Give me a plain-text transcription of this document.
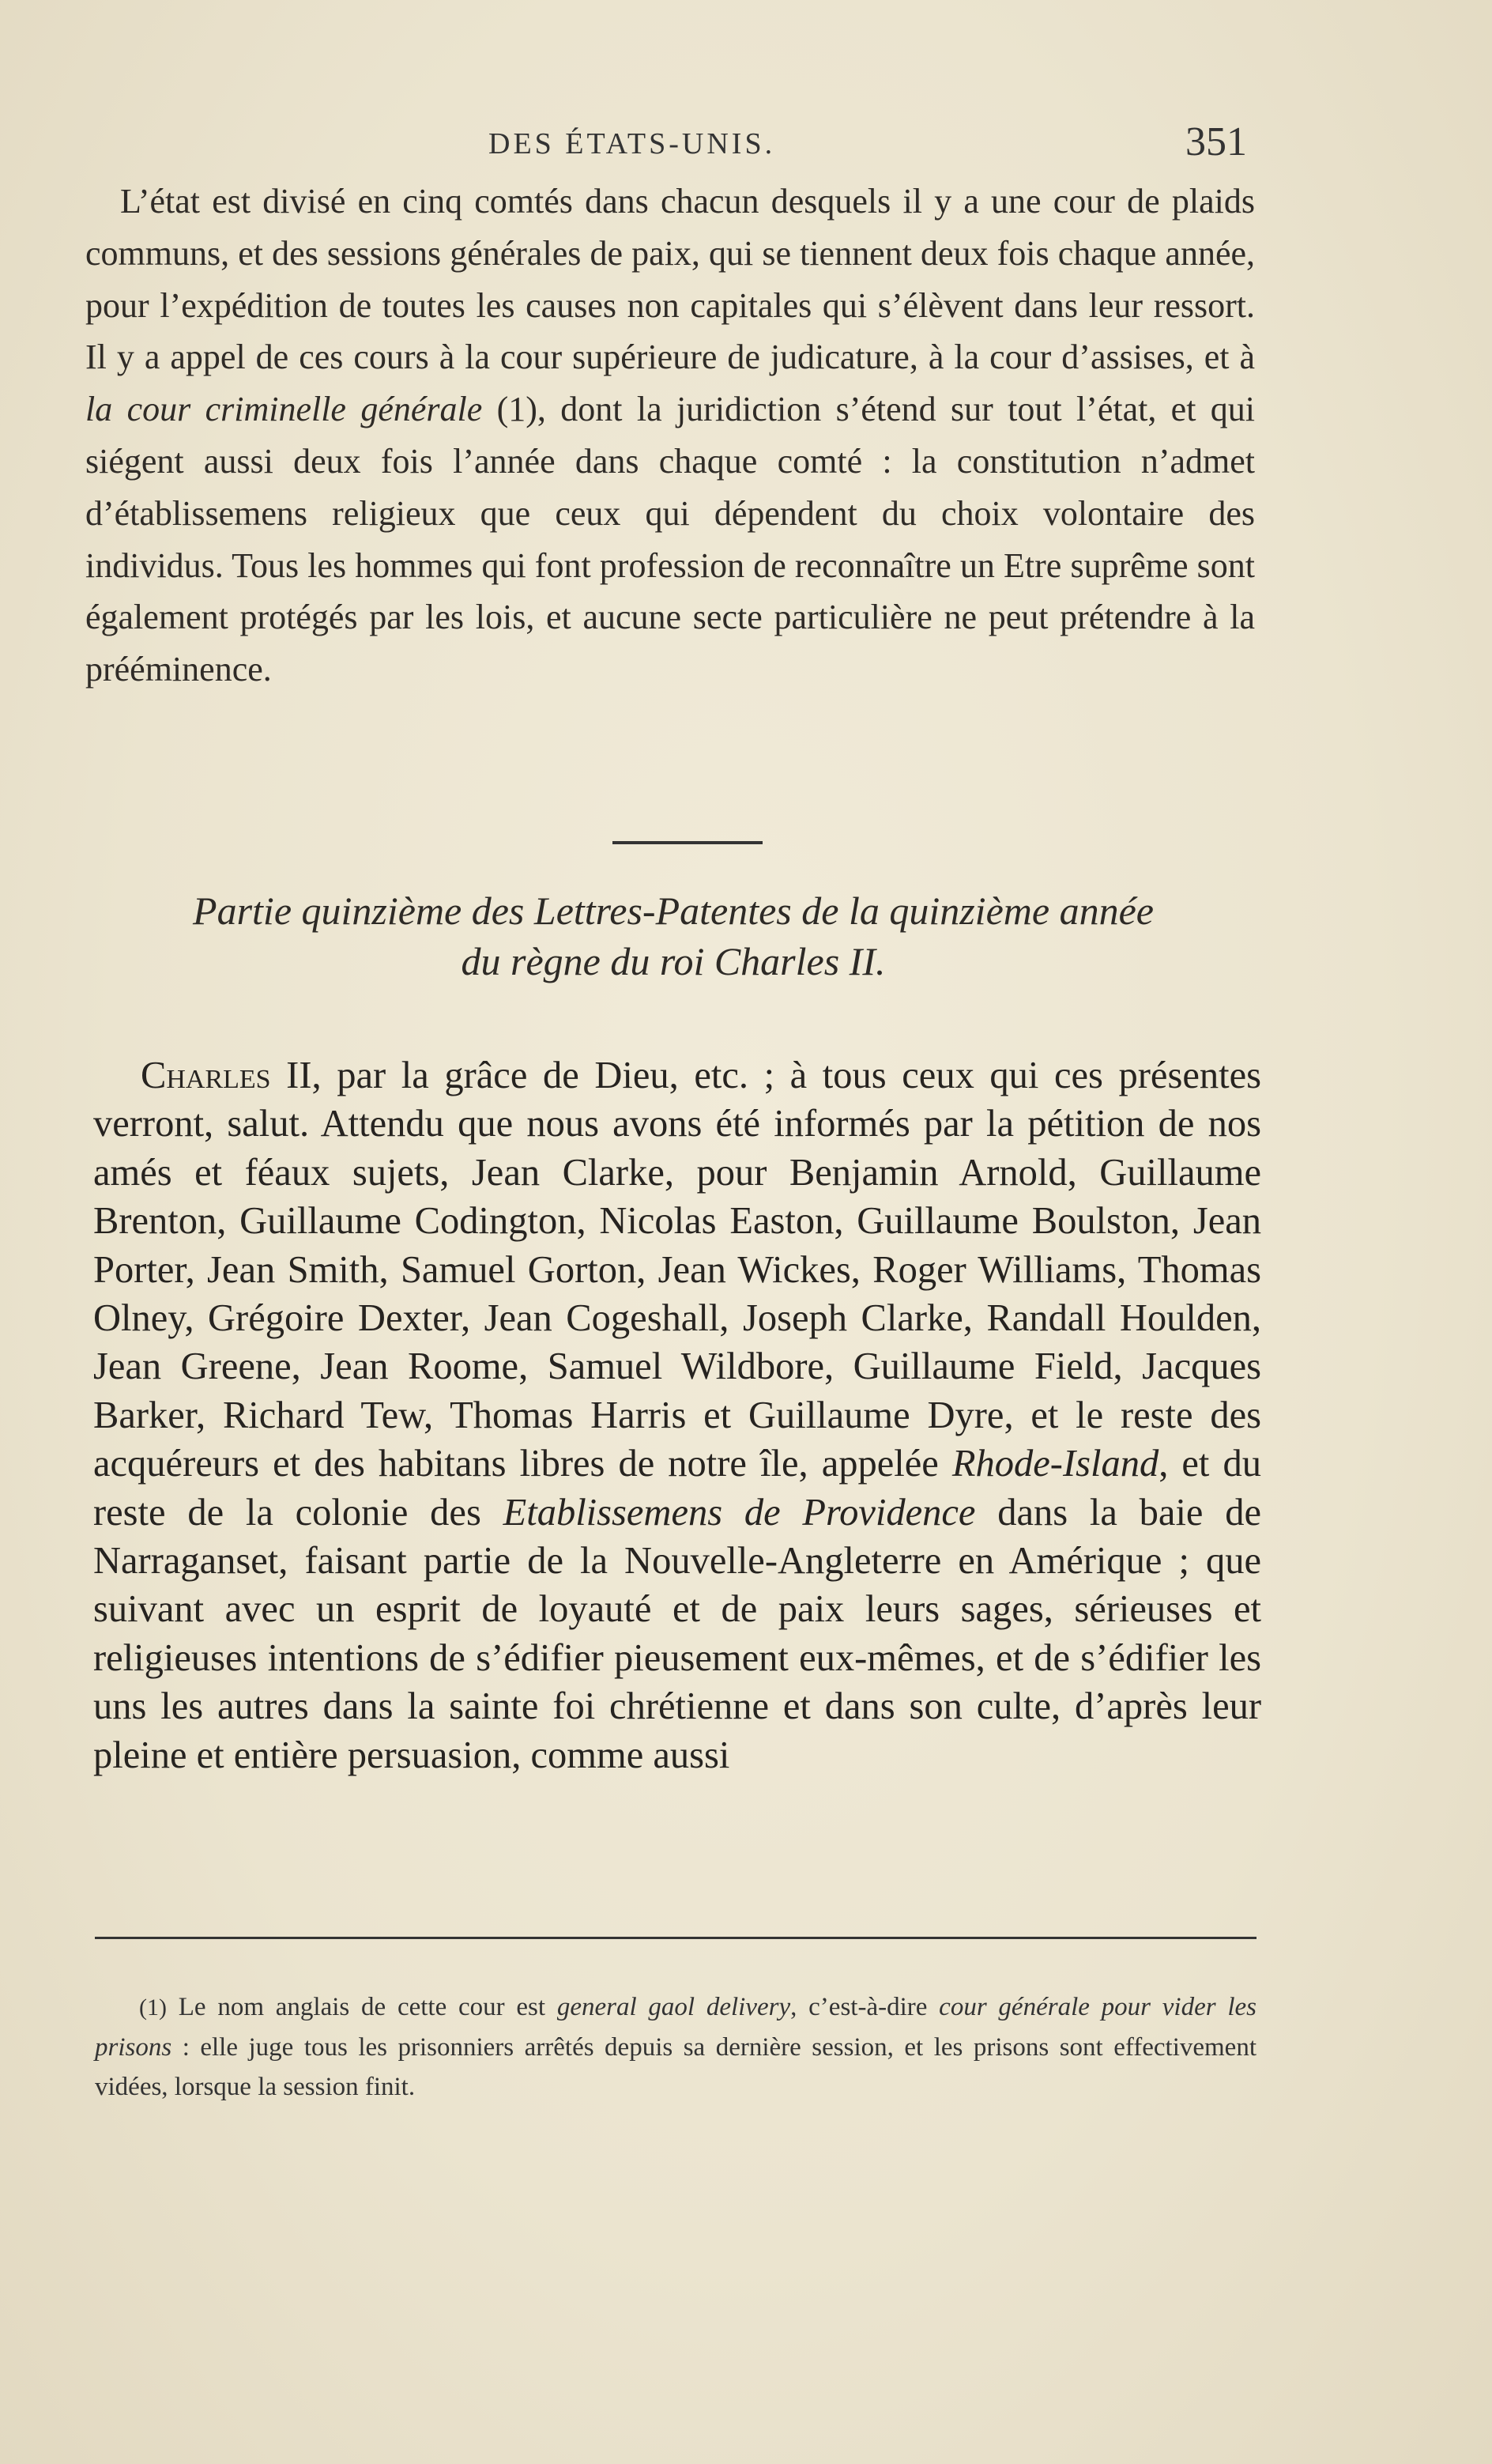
DES ÉTATS-UNIS.	351

L’état est divisé en cinq comtés dans chacun desquels il y a une cour de plaids communs, et des sessions générales de paix, qui se tiennent deux fois chaque année, pour l’expédition de toutes les causes non capitales qui s’élèvent dans leur ressort. Il y a appel de ces cours à la cour supérieure de judicature, à la cour d’assises, et à la cour criminelle générale (1), dont la juridiction s’étend sur tout l’état, et qui siégent aussi deux fois l’année dans chaque comté : la constitution n’admet d’établissemens religieux que ceux qui dépendent du choix volontaire des individus. Tous les hommes qui font profession de reconnaître un Etre suprême sont également protégés par les lois, et aucune secte particulière ne peut prétendre à la prééminence.

Partie quinzième des Lettres-Patentes de la quinzième année
du règne du roi Charles II.

Charles II, par la grâce de Dieu, etc. ; à tous ceux qui ces présentes verront, salut. Attendu que nous avons été informés par la pétition de nos amés et féaux sujets, Jean Clarke, pour Benjamin Arnold, Guillaume Brenton, Guillaume Codington, Nicolas Easton, Guillaume Boulston, Jean Porter, Jean Smith, Samuel Gorton, Jean Wickes, Roger Williams, Thomas Olney, Grégoire Dexter, Jean Cogeshall, Joseph Clarke, Randall Houlden, Jean Greene, Jean Roome, Samuel Wildbore, Guillaume Field, Jacques Barker, Richard Tew, Thomas Harris et Guillaume Dyre, et le reste des acquéreurs et des habitans libres de notre île, appelée Rhode-Island, et du reste de la colonie des Etablissemens de Providence dans la baie de Narraganset, faisant partie de la Nouvelle-Angleterre en Amérique ; que suivant avec un esprit de loyauté et de paix leurs sages, sérieuses et religieuses intentions de s’édifier pieusement eux-mêmes, et de s’édifier les uns les autres dans la sainte foi chrétienne et dans son culte, d’après leur pleine et entière persuasion, comme aussi

(1) Le nom anglais de cette cour est general gaol delivery, c’est-à-dire cour générale pour vider les prisons : elle juge tous les prisonniers arrêtés depuis sa dernière session, et les prisons sont effectivement vidées, lorsque la session finit.
